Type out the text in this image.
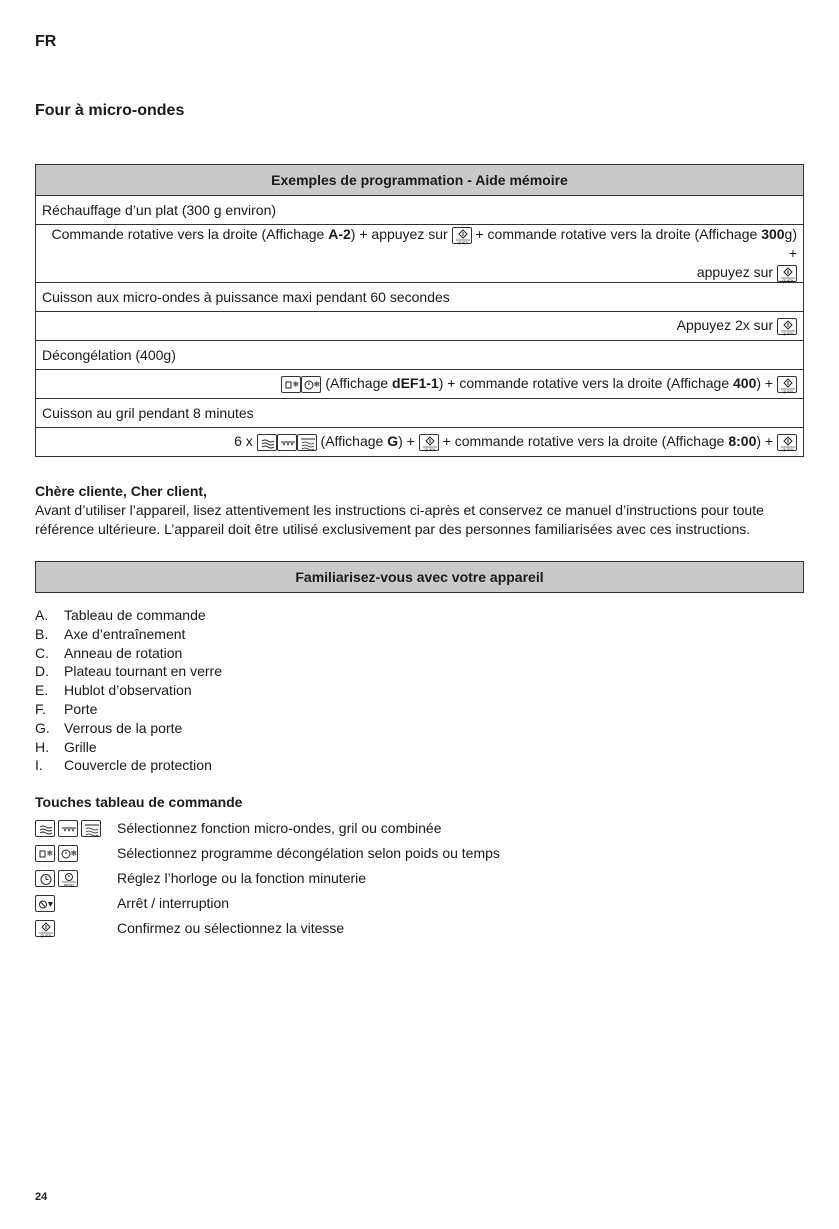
FR
Four à micro-ondes
Exemples de programmation - Aide mémoire
Réchauffage d’un plat (300 g environ)
Commande rotative vers la droite (Affichage A-2) + appuyez sur
QUICK
+ commande rotative vers la droite (Affichage 300g) +
appuyez sur
QUICK

Cuisson aux micro-ondes à puissance maxi pendant 60 secondes
Appuyez 2x sur
QUICK

Décongélation (400g)

❄ ❄ (Affichage dEF1-1) + commande rotative vers la droite (Affichage 400) +
QUICK

Cuisson au gril pendant 8 minutes
6 x	(Affichage G) +
QUICK
+ commande rotative vers la droite (Affichage 8:00) +
QUICK
Chère cliente, Cher client,
Avant d’utiliser l’appareil, lisez attentivement les instructions ci-après et conservez ce manuel d’instructions pour toute référence ultérieure. L’appareil doit être utilisé exclusivement par des personnes familiarisées avec ces instructions.
Familiarisez-vous avec votre appareil
A.	Tableau de commande
B.	Axe d’entraînement
C.	Anneau de rotation
D.	Plateau tournant en verre
E.	Hublot d’observation
F.	Porte
G.	Verrous de la porte
H.	Grille
I.	Couvercle de protection
Touches tableau de commande
Sélectionnez fonction micro-ondes, gril ou combinée
❄ ❄	Sélectionnez programme décongélation selon poids ou temps
PROG	Réglez l’horloge ou la fonction minuterie
Arrêt / interruption
QUICK	Confirmez ou sélectionnez la vitesse
24
